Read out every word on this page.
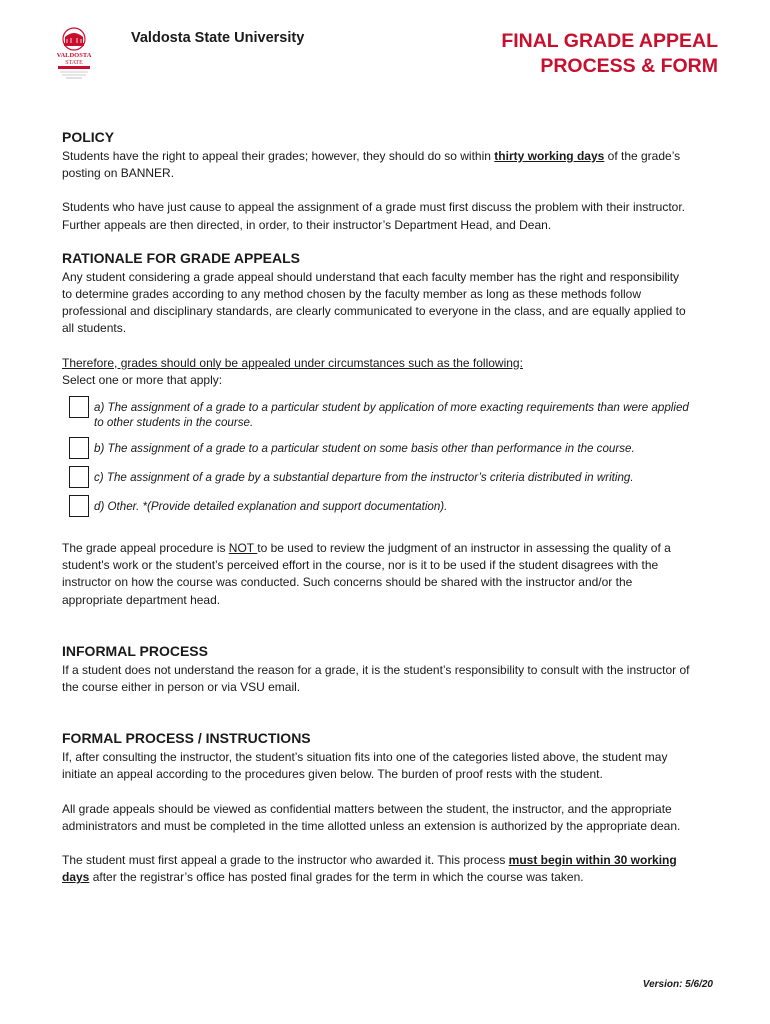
VALDOSTA
STATE

Valdosta State University	FINAL GRADE APPEAL
PROCESS & FORM
POLICY

Students have the right to appeal their grades; however, they should do so within thirty working days of the grade’s posting on BANNER.

Students who have just cause to appeal the assignment of a grade must first discuss the problem with their instructor. Further appeals are then directed, in order, to their instructor’s Department Head, and Dean.

RATIONALE FOR GRADE APPEALS

Any student considering a grade appeal should understand that each faculty member has the right and responsibility to determine grades according to any method chosen by the faculty member as long as these methods follow professional and disciplinary standards, are clearly communicated to everyone in the class, and are equally applied to all students.

Therefore, grades should only be appealed under circumstances such as the following:

Select one or more that apply:

a) The assignment of a grade to a particular student by application of more exacting requirements than were applied to other students in the course.
b) The assignment of a grade to a particular student on some basis other than performance in the course.
c) The assignment of a grade by a substantial departure from the instructor’s criteria distributed in writing.
d) Other. *(Provide detailed explanation and support documentation).

The grade appeal procedure is NOT to be used to review the judgment of an instructor in assessing the quality of a student's work or the student’s perceived effort in the course, nor is it to be used if the student disagrees with the instructor on how the course was conducted. Such concerns should be shared with the instructor and/or the appropriate department head.

INFORMAL PROCESS

If a student does not understand the reason for a grade, it is the student’s responsibility to consult with the instructor of the course either in person or via VSU email.

FORMAL PROCESS / INSTRUCTIONS

If, after consulting the instructor, the student’s situation fits into one of the categories listed above, the student may initiate an appeal according to the procedures given below. The burden of proof rests with the student.

All grade appeals should be viewed as confidential matters between the student, the instructor, and the appropriate administrators and must be completed in the time allotted unless an extension is authorized by the appropriate dean.

The student must first appeal a grade to the instructor who awarded it. This process must begin within 30 working days after the registrar’s office has posted final grades for the term in which the course was taken.

Version: 5/6/20
